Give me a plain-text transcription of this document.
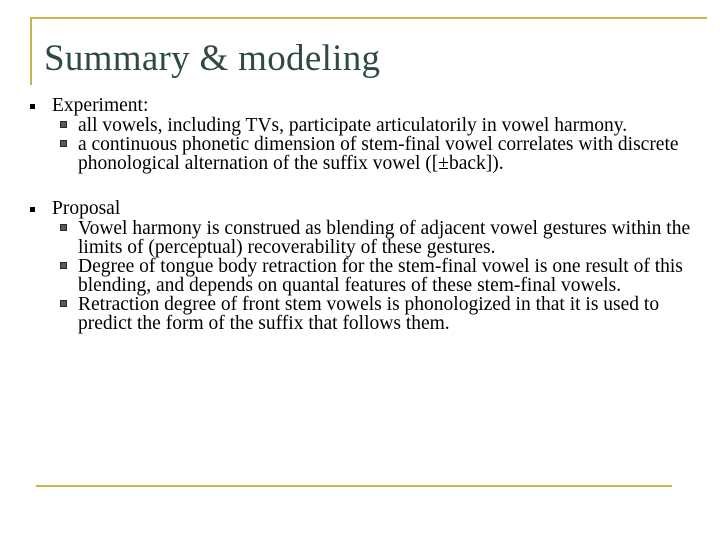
Summary & modeling
Experiment:
all vowels, including TVs, participate articulatorily in vowel harmony.
a continuous phonetic dimension of stem-final vowel correlates with discrete phonological alternation of the suffix vowel ([±back]).
Proposal
Vowel harmony is construed as blending of adjacent vowel gestures within the limits of (perceptual) recoverability of these gestures.
Degree of tongue body retraction for the stem-final vowel is one result of this blending, and depends on quantal features of these stem-final vowels.
Retraction degree of front stem vowels is phonologized in that it is used to predict the form of the suffix that follows them.
